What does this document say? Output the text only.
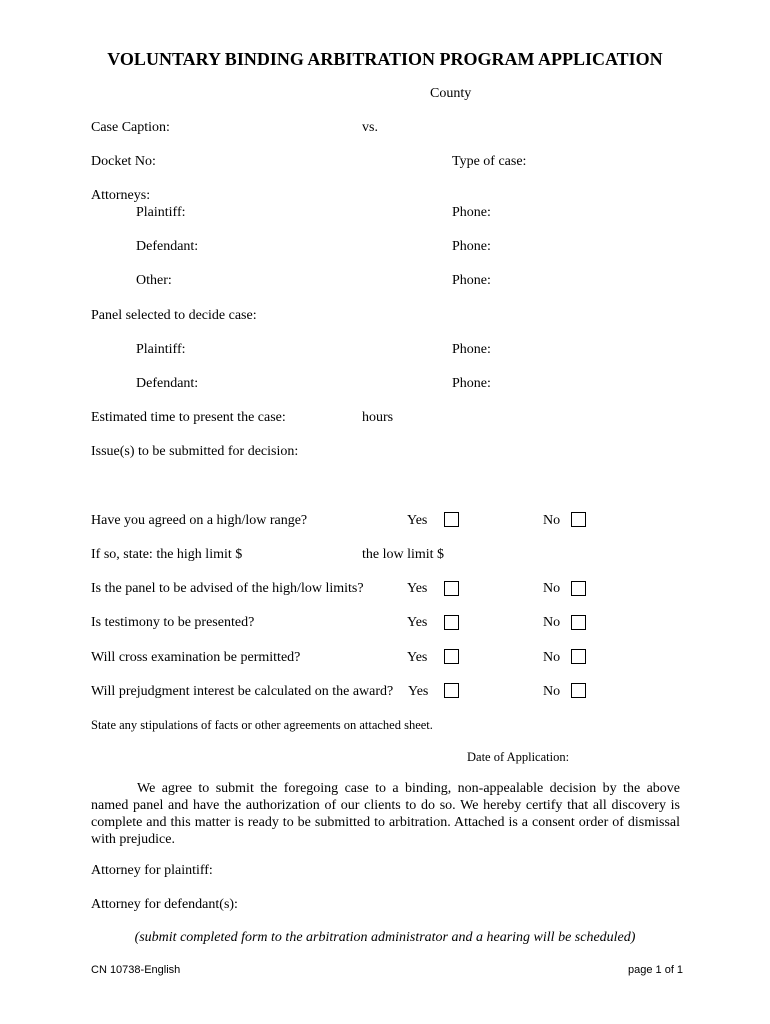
VOLUNTARY BINDING ARBITRATION PROGRAM APPLICATION
County
Case Caption:	vs.
Docket No:	Type of case:
Attorneys:
Plaintiff:	Phone:
Defendant:	Phone:
Other:	Phone:
Panel selected to decide case:
Plaintiff:	Phone:
Defendant:	Phone:
Estimated time to present the case:	hours
Issue(s) to be submitted for decision:
Have you agreed on a high/low range?	Yes	No
If so, state: the high limit $	the low limit $
Is the panel to be advised of the high/low limits?	Yes	No
Is testimony to be presented?	Yes	No
Will cross examination be permitted?	Yes	No
Will prejudgment interest be calculated on the award? Yes	No
State any stipulations of facts or other agreements on attached sheet.
Date of Application:

We agree to submit the foregoing case to a binding, non-appealable decision by the above named panel and have the authorization of our clients to do so. We hereby certify that all discovery is complete and this matter is ready to be submitted to arbitration. Attached is a consent order of dismissal with prejudice.

Attorney for plaintiff:
Attorney for defendant(s):
(submit completed form to the arbitration administrator and a hearing will be scheduled)
CN 10738-English	page 1 of 1
